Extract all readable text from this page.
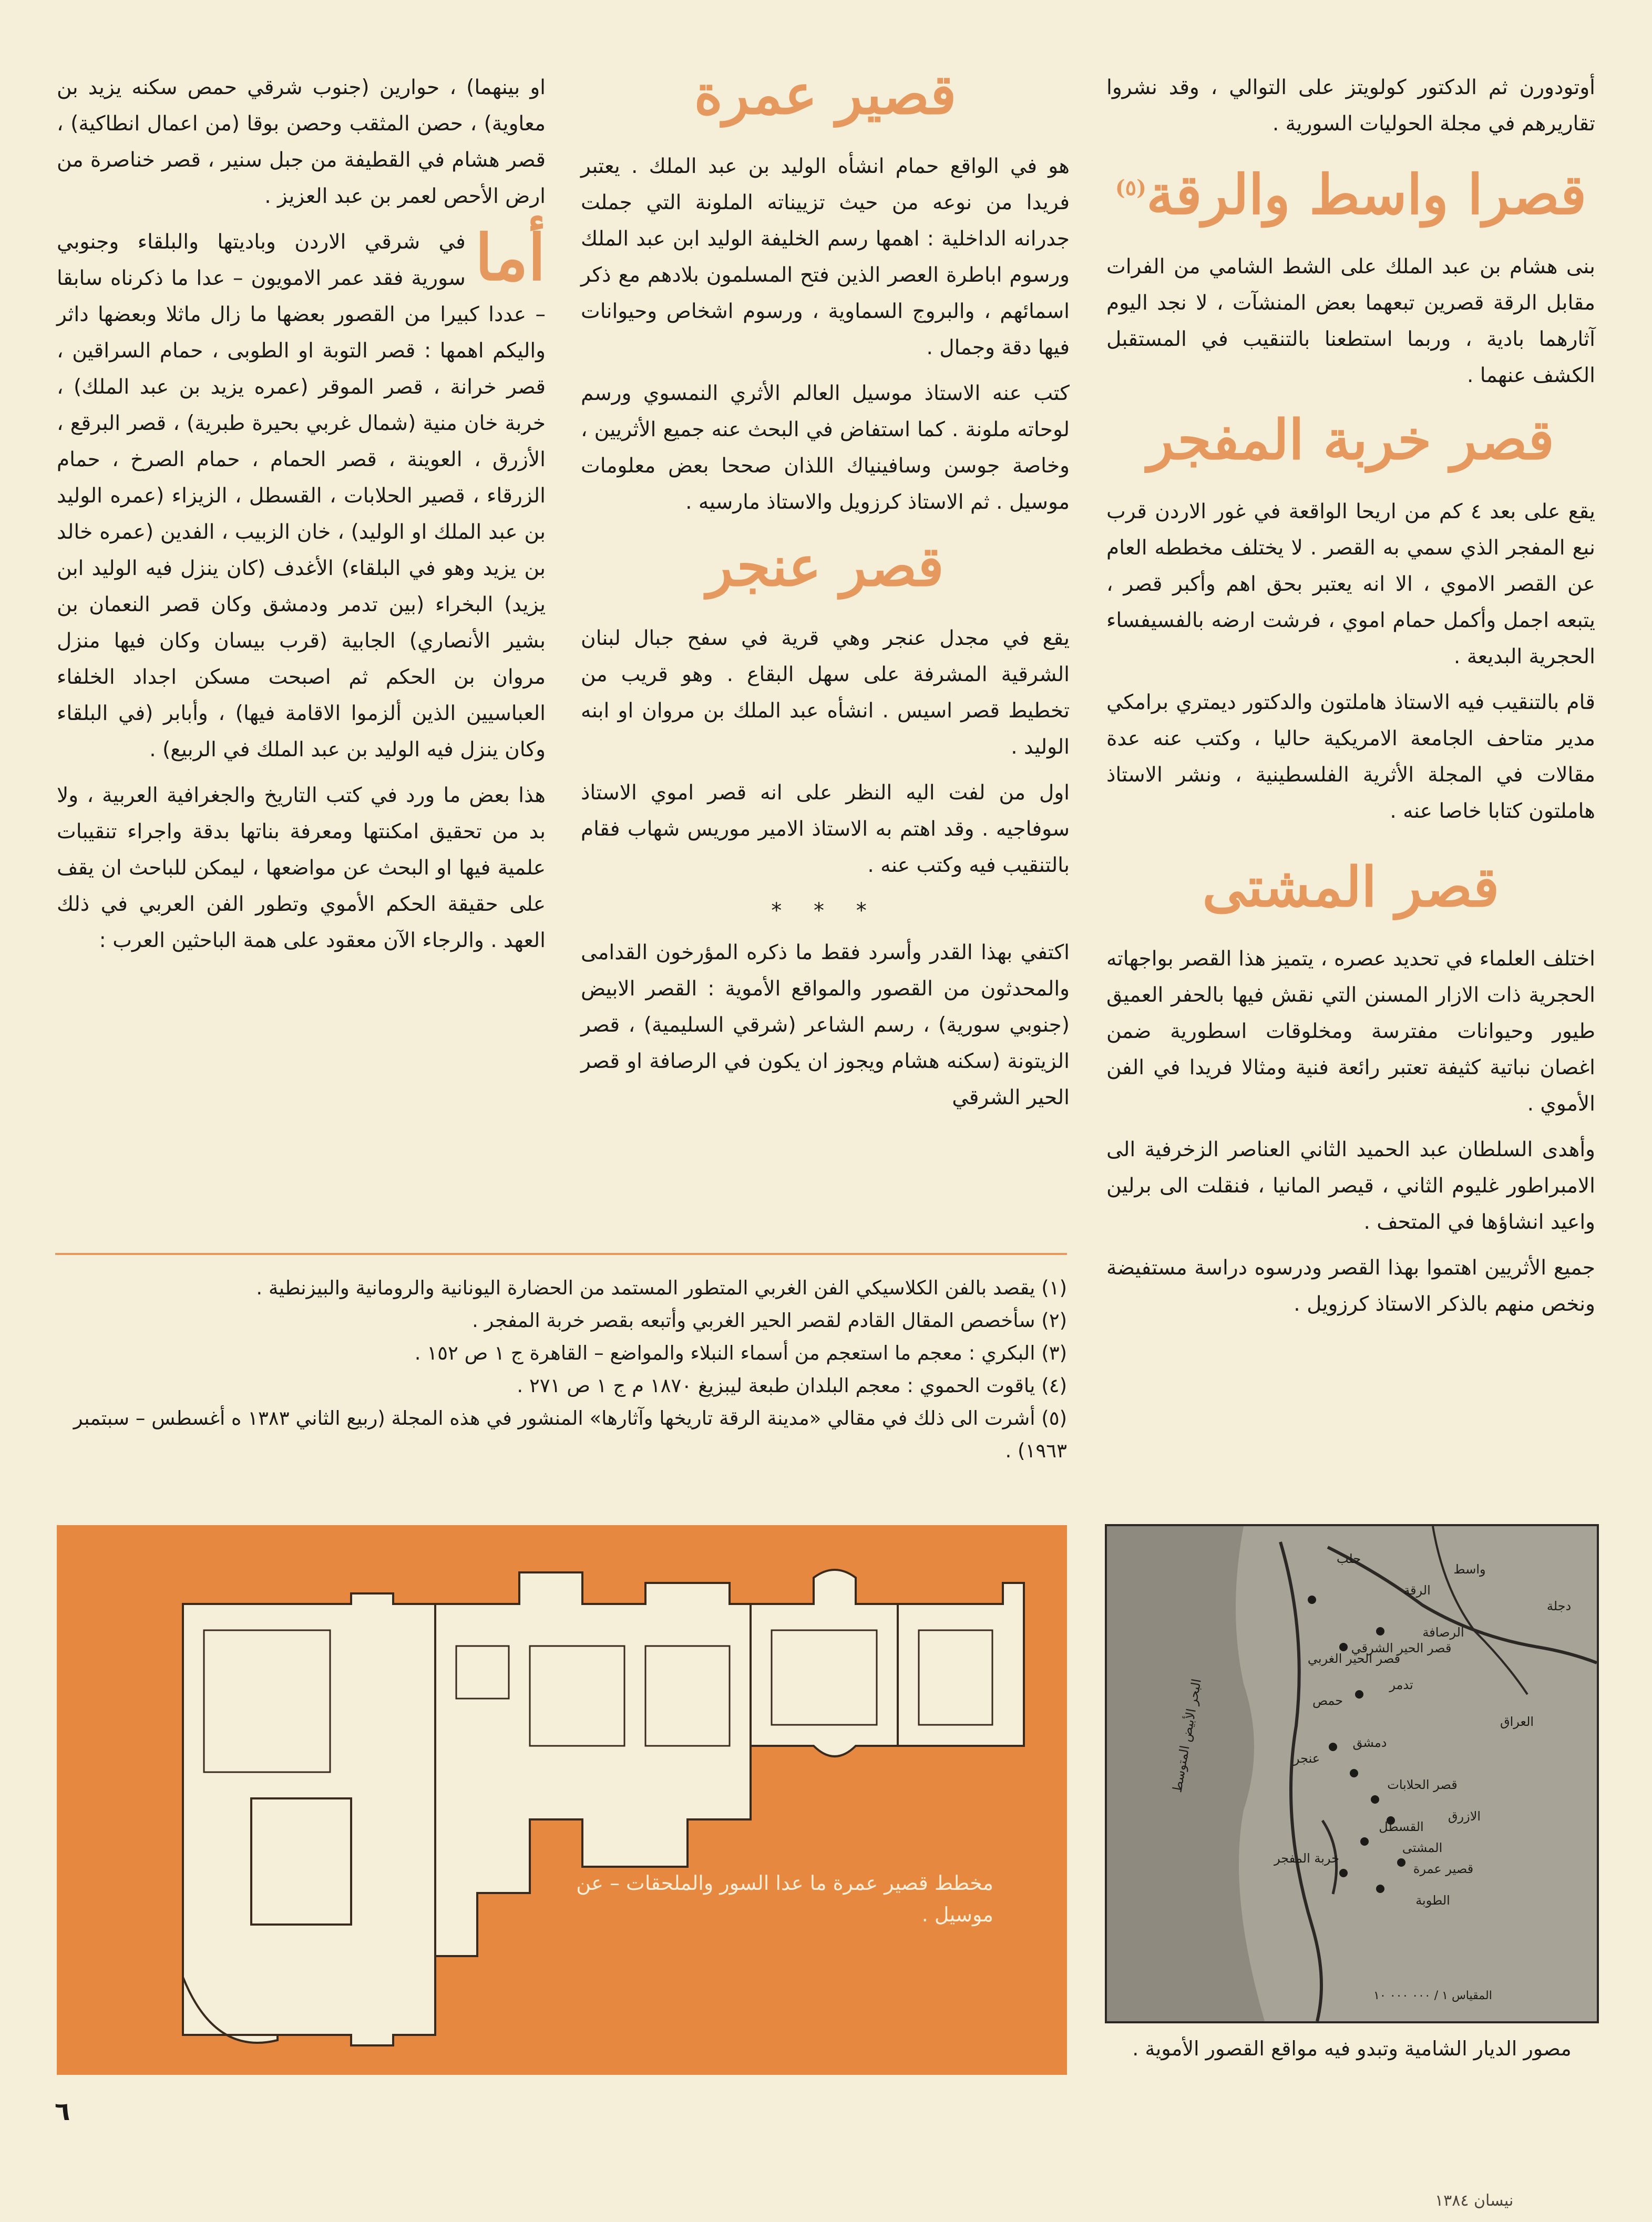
أوتودورن ثم الدكتور كولويتز على التوالي ، وقد نشروا تقاريرهم في مجلة الحوليات السورية .

قصرا واسط والرقة$^{(٥)}$

بنى هشام بن عبد الملك على الشط الشامي من الفرات مقابل الرقة قصرين تبعهما بعض المنشآت ، لا نجد اليوم آثارهما بادية ، وربما استطعنا بالتنقيب في المستقبل الكشف عنهما .

قصر خربة المفجر

يقع على بعد ٤ كم من اريحا الواقعة في غور الاردن قرب نبع المفجر الذي سمي به القصر . لا يختلف مخططه العام عن القصر الاموي ، الا انه يعتبر بحق اهم وأكبر قصر ، يتبعه اجمل وأكمل حمام اموي ، فرشت ارضه بالفسيفساء الحجرية البديعة .

قام بالتنقيب فيه الاستاذ هاملتون والدكتور ديمتري برامكي مدير متاحف الجامعة الامريكية حاليا ، وكتب عنه عدة مقالات في المجلة الأثرية الفلسطينية ، ونشر الاستاذ هاملتون كتابا خاصا عنه .

قصر المشتى

اختلف العلماء في تحديد عصره ، يتميز هذا القصر بواجهاته الحجرية ذات الازار المسنن التي نقش فيها بالحفر العميق طيور وحيوانات مفترسة ومخلوقات اسطورية ضمن اغصان نباتية كثيفة تعتبر رائعة فنية ومثالا فريدا في الفن الأموي .

وأهدى السلطان عبد الحميد الثاني العناصر الزخرفية الى الامبراطور غليوم الثاني ، قيصر المانيا ، فنقلت الى برلين واعيد انشاؤها في المتحف .

جميع الأثريين اهتموا بهذا القصر ودرسوه دراسة مستفيضة ونخص منهم بالذكر الاستاذ كرزويل .

قصير عمرة

هو في الواقع حمام انشأه الوليد بن عبد الملك . يعتبر فريدا من نوعه من حيث تزييناته الملونة التي جملت جدرانه الداخلية : اهمها رسم الخليفة الوليد ابن عبد الملك ورسوم اباطرة العصر الذين فتح المسلمون بلادهم مع ذكر اسمائهم ، والبروج السماوية ، ورسوم اشخاص وحيوانات فيها دقة وجمال .

كتب عنه الاستاذ موسيل العالم الأثري النمسوي ورسم لوحاته ملونة . كما استفاض في البحث عنه جميع الأثريين ، وخاصة جوسن وسافينياك اللذان صححا بعض معلومات موسيل . ثم الاستاذ كرزويل والاستاذ مارسيه .

قصر عنجر

يقع في مجدل عنجر وهي قرية في سفح جبال لبنان الشرقية المشرفة على سهل البقاع . وهو قريب من تخطيط قصر اسيس . انشأه عبد الملك بن مروان او ابنه الوليد .

اول من لفت اليه النظر على انه قصر اموي الاستاذ سوفاجيه . وقد اهتم به الاستاذ الامير موريس شهاب فقام بالتنقيب فيه وكتب عنه .

* * *

اكتفي بهذا القدر وأسرد فقط ما ذكره المؤرخون القدامى والمحدثون من القصور والمواقع الأموية : القصر الابيض (جنوبي سورية) ، رسم الشاعر (شرقي السليمية) ، قصر الزيتونة (سكنه هشام ويجوز ان يكون في الرصافة او قصر الحير الشرقي

او بينهما) ، حوارين (جنوب شرقي حمص سكنه يزيد بن معاوية) ، حصن المثقب وحصن بوقا (من اعمال انطاكية) ، قصر هشام في القطيفة من جبل سنير ، قصر خناصرة من ارض الأحص لعمر بن عبد العزيز .

أما
في شرقي الاردن وباديتها والبلقاء وجنوبي سورية فقد عمر الامويون – عدا ما ذكرناه سابقا – عددا كبيرا من القصور بعضها ما زال ماثلا وبعضها داثر واليكم اهمها : قصر التوبة او الطوبى ، حمام السراقين ، قصر خرانة ، قصر الموقر (عمره يزيد بن عبد الملك) ، خربة خان منية (شمال غربي بحيرة طبرية) ، قصر البرقع ، الأزرق ، العوينة ، قصر الحمام ، حمام الصرخ ، حمام الزرقاء ، قصير الحلابات ، القسطل ، الزيزاء (عمره الوليد بن عبد الملك او الوليد) ، خان الزبيب ، الفدين (عمره خالد بن يزيد وهو في البلقاء) الأغدف (كان ينزل فيه الوليد ابن يزيد) البخراء (بين تدمر ودمشق وكان قصر النعمان بن بشير الأنصاري) الجابية (قرب بيسان وكان فيها منزل مروان بن الحكم ثم اصبحت مسكن اجداد الخلفاء العباسيين الذين ألزموا الاقامة فيها) ، وأبابر (في البلقاء وكان ينزل فيه الوليد بن عبد الملك في الربيع) .

هذا بعض ما ورد في كتب التاريخ والجغرافية العربية ، ولا بد من تحقيق امكنتها ومعرفة بناتها بدقة واجراء تنقيبات علمية فيها او البحث عن مواضعها ، ليمكن للباحث ان يقف على حقيقة الحكم الأموي وتطور الفن العربي في ذلك العهد . والرجاء الآن معقود على همة الباحثين العرب :

(١) يقصد بالفن الكلاسيكي الفن الغربي المتطور المستمد من الحضارة اليونانية والرومانية والبيزنطية .
(٢) سأخصص المقال القادم لقصر الحير الغربي وأتبعه بقصر خربة المفجر .
(٣) البكري : معجم ما استعجم من أسماء النبلاء والمواضع – القاهرة ج ١ ص ١٥٢ .
(٤) ياقوت الحموي : معجم البلدان طبعة ليبزيغ ١٨٧٠ م ج ١ ص ٢٧١ .
(٥) أشرت الى ذلك في مقالي «مدينة الرقة تاريخها وآثارها» المنشور في هذه المجلة (ربيع الثاني ١٣٨٣ ه أغسطس – سبتمبر ١٩٦٣) .
مخطط قصير عمرة ما عدا السور والملحقات – عن موسيل .
حلب
الرقة
الرصافة
واسط
قصر الحير الغربي
قصر الحير الشرقي
تدمر
حمص
دمشق
عنجر
قصر الحلابات
القسطل
المشتى
قصير عمرة
الطوبة
الازرق
خربة المفجر
البحر الأبيض المتوسط	العراق
دجلة
المقياس ١ / ٠٠٠ ٠٠٠ ١٠
مصور الديار الشامية وتبدو فيه مواقع القصور الأموية .
٦
نيسان ١٣٨٤
